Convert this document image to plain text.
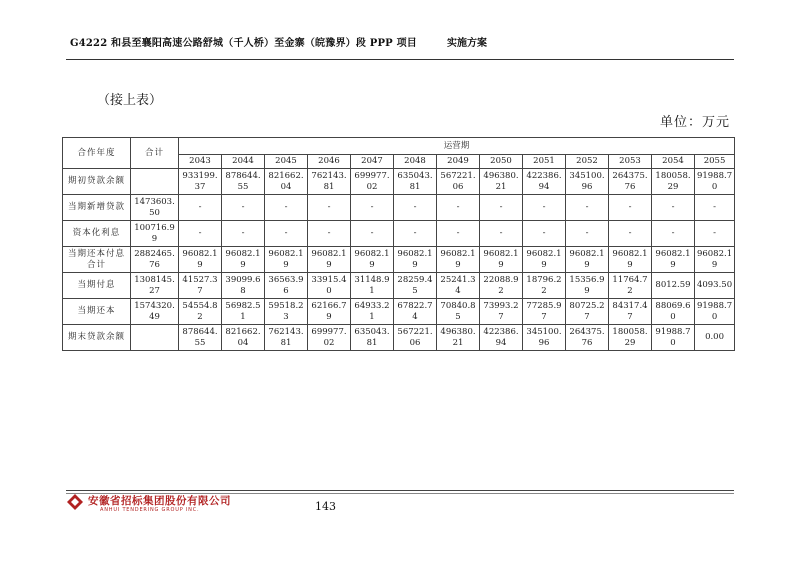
G4222 和县至襄阳高速公路舒城（千人桥）至金寨（皖豫界）段 PPP 项目	实施方案
（接上表）
单位：万元
合作年度	合计	运营期												
		2043	2044	2045	2046	2047	2048	2049	2050	2051	2052	2053	2054	2055
期初贷款余额		933199.37	878644.55	821662.04	762143.81	699977.02	635043.81	567221.06	496380.21	422386.94	345100.96	264375.76	180058.29	91988.70
当期新增贷款	1473603.50	-	-	-	-	-	-	-	-	-	-	-	-	-
资本化利息	100716.99	-	-	-	-	-	-	-	-	-	-	-	-	-
当期还本付息合计	2882465.76	96082.19	96082.19	96082.19	96082.19	96082.19	96082.19	96082.19	96082.19	96082.19	96082.19	96082.19	96082.19	96082.19
当期付息	1308145.27	41527.37	39099.68	36563.96	33915.40	31148.91	28259.45	25241.34	22088.92	18796.22	15356.99	11764.72	8012.59	4093.50
当期还本	1574320.49	54554.82	56982.51	59518.23	62166.79	64933.21	67822.74	70840.85	73993.27	77285.97	80725.27	84317.47	88069.60	91988.70
期末贷款余额		878644.55	821662.04	762143.81	699977.02	635043.81	567221.06	496380.21	422386.94	345100.96	264375.76	180058.29	91988.70	0.00
安徽省招标集团股份有限公司
ANHUI TENDERING GROUP INC.	143
